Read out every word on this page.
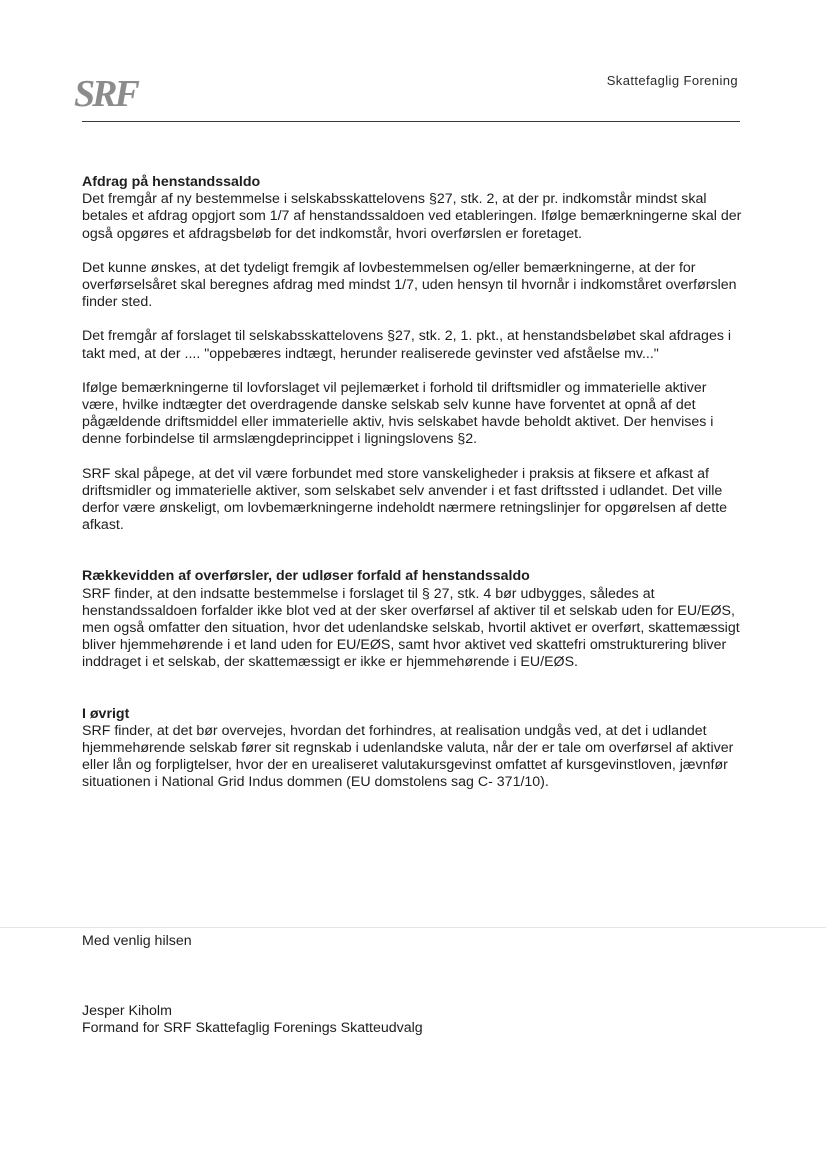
SRF	Skattefaglig Forening
Afdrag på henstandssaldo

Det fremgår af ny bestemmelse i selskabsskattelovens §27, stk. 2, at der pr. indkomstår mindst skal betales et afdrag opgjort som 1/7 af henstandssaldoen ved etableringen. Ifølge bemærkningerne skal der også opgøres et afdragsbeløb for det indkomstår, hvori overførslen er foretaget.

Det kunne ønskes, at det tydeligt fremgik af lovbestemmelsen og/eller bemærkningerne, at der for overførselsåret skal beregnes afdrag med mindst 1/7, uden hensyn til hvornår i indkomståret overførslen finder sted.

Det fremgår af forslaget til selskabsskattelovens §27, stk. 2, 1. pkt., at henstandsbeløbet skal afdrages i takt med, at der .... "oppebæres indtægt, herunder realiserede gevinster ved afståelse mv..."

Ifølge bemærkningerne til lovforslaget vil pejlemærket i forhold til driftsmidler og immaterielle aktiver være, hvilke indtægter det overdragende danske selskab selv kunne have forventet at opnå af det pågældende driftsmiddel eller immaterielle aktiv, hvis selskabet havde beholdt aktivet. Der henvises i denne forbindelse til armslængdeprincippet i ligningslovens §2.

SRF skal påpege, at det vil være forbundet med store vanskeligheder i praksis at fiksere et afkast af driftsmidler og immaterielle aktiver, som selskabet selv anvender i et fast driftssted i udlandet. Det ville derfor være ønskeligt, om lovbemærkningerne indeholdt nærmere retningslinjer for opgørelsen af dette afkast.

Rækkevidden af overførsler, der udløser forfald af henstandssaldo

SRF finder, at den indsatte bestemmelse i forslaget til § 27, stk. 4 bør udbygges, således at henstandssaldoen forfalder ikke blot ved at der sker overførsel af aktiver til et selskab uden for EU/EØS, men også omfatter den situation, hvor det udenlandske selskab, hvortil aktivet er overført, skattemæssigt bliver hjemmehørende i et land uden for EU/EØS, samt hvor aktivet ved skattefri omstrukturering bliver inddraget i et selskab, der skattemæssigt er ikke er hjemmehørende i EU/EØS.

I øvrigt

SRF finder, at det bør overvejes, hvordan det forhindres, at realisation undgås ved, at det i udlandet hjemmehørende selskab fører sit regnskab i udenlandske valuta, når der er tale om overførsel af aktiver eller lån og forpligtelser, hvor der en urealiseret valutakursgevinst omfattet af kursgevinstloven, jævnfør situationen i National Grid Indus dommen (EU domstolens sag C- 371/10).

Med venlig hilsen
Jesper Kiholm
Formand for SRF Skattefaglig Forenings Skatteudvalg
